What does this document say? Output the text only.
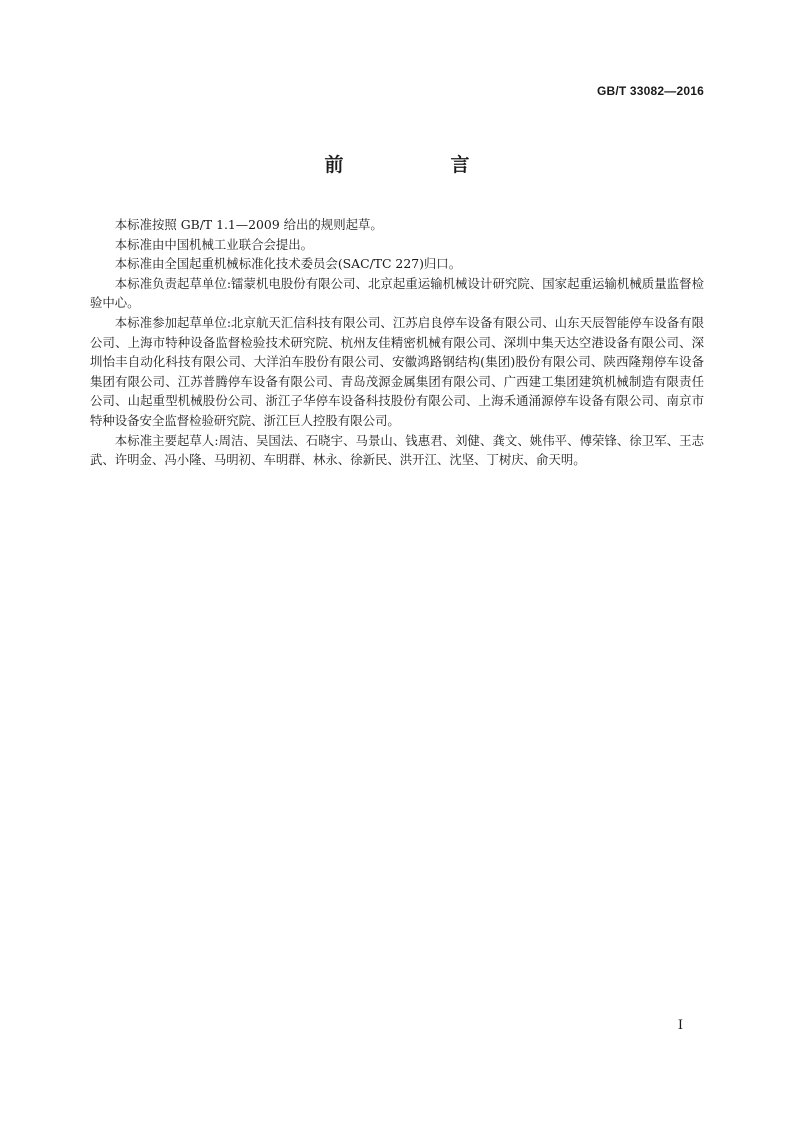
GB/T 33082—2016
前　言

本标准按照 GB/T 1.1—2009 给出的规则起草。

本标准由中国机械工业联合会提出。

本标准由全国起重机械标准化技术委员会(SAC/TC 227)归口。

本标准负责起草单位:镭蒙机电股份有限公司、北京起重运输机械设计研究院、国家起重运输机械质量监督检验中心。

本标准参加起草单位:北京航天汇信科技有限公司、江苏启良停车设备有限公司、山东天辰智能停车设备有限公司、上海市特种设备监督检验技术研究院、杭州友佳精密机械有限公司、深圳中集天达空港设备有限公司、深圳怡丰自动化科技有限公司、大洋泊车股份有限公司、安徽鸿路钢结构(集团)股份有限公司、陕西隆翔停车设备集团有限公司、江苏普腾停车设备有限公司、青岛茂源金属集团有限公司、广西建工集团建筑机械制造有限责任公司、山起重型机械股份公司、浙江子华停车设备科技股份有限公司、上海禾通涌源停车设备有限公司、南京市特种设备安全监督检验研究院、浙江巨人控股有限公司。

本标准主要起草人:周洁、吴国法、石晓宇、马景山、钱惠君、刘健、龚文、姚伟平、傅荣锋、徐卫军、王志武、许明金、冯小隆、马明初、车明群、林永、徐新民、洪开江、沈坚、丁树庆、俞天明。

I
